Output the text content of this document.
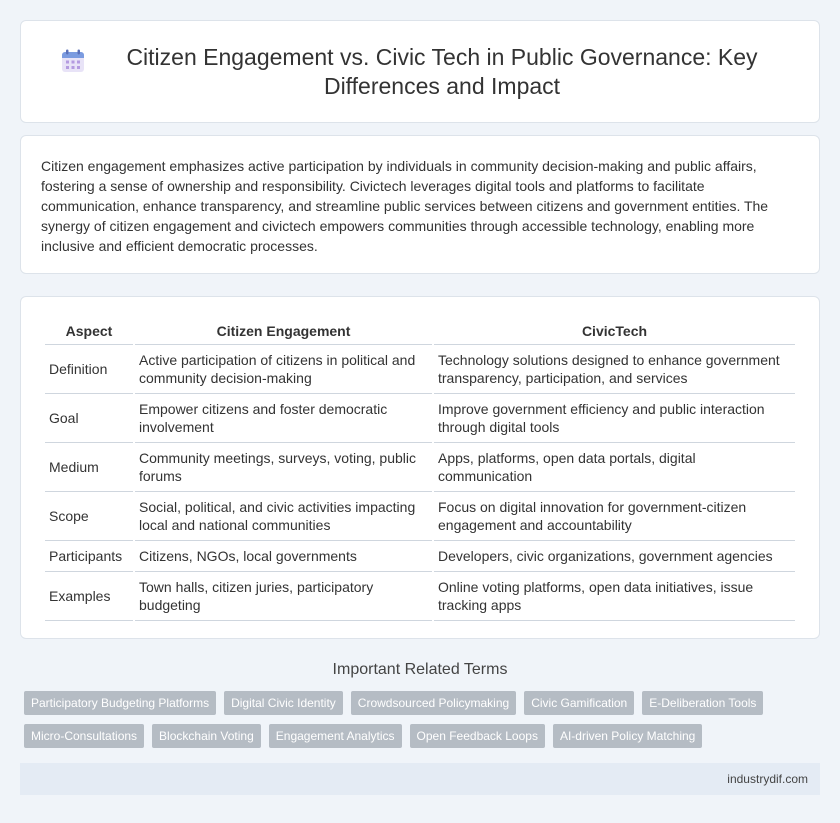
Citizen Engagement vs. Civic Tech in Public Governance: Key Differences and Impact

Citizen engagement emphasizes active participation by individuals in community decision-making and public affairs, fostering a sense of ownership and responsibility. Civictech leverages digital tools and platforms to facilitate communication, enhance transparency, and streamline public services between citizens and government entities. The synergy of citizen engagement and civictech empowers communities through accessible technology, enabling more inclusive and efficient democratic processes.

Aspect	Citizen Engagement	CivicTech
Definition	Active participation of citizens in political and community decision-making	Technology solutions designed to enhance government transparency, participation, and services
Goal	Empower citizens and foster democratic involvement	Improve government efficiency and public interaction through digital tools
Medium	Community meetings, surveys, voting, public forums	Apps, platforms, open data portals, digital communication
Scope	Social, political, and civic activities impacting local and national communities	Focus on digital innovation for government-citizen engagement and accountability
Participants	Citizens, NGOs, local governments	Developers, civic organizations, government agencies
Examples	Town halls, citizen juries, participatory budgeting	Online voting platforms, open data initiatives, issue tracking apps
Important Related Terms
Participatory Budgeting Platforms	Digital Civic Identity	Crowdsourced Policymaking	Civic Gamification	E-Deliberation Tools
Micro-Consultations	Blockchain Voting	Engagement Analytics	Open Feedback Loops	AI-driven Policy Matching
industrydif.com
